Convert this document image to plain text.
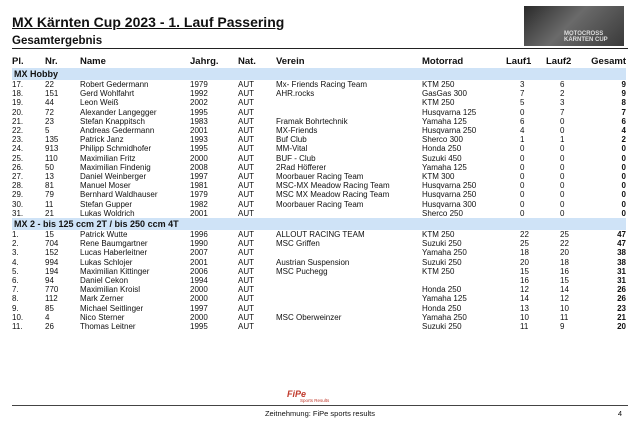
MX Kärnten Cup 2023 - 1. Lauf Passering
Gesamtergebnis
MOTOCROSS KÄRNTEN CUP
Pl.	Nr.	Name	Jahrg.	Nat.	Verein	Motorrad	Lauf1	Lauf2	Gesamt
MX Hobby									
17.	22	Robert Gedermann	1979	AUT	Mx- Friends Racing Team	KTM 250	3	6	9
18.	151	Gerd Wohlfahrt	1992	AUT	AHR.rocks	GasGas 300	7	2	9
19.	44	Leon Weiß	2002	AUT		KTM 250	5	3	8
20.	72	Alexander Langegger	1995	AUT		Husqvarna 125	0	7	7
21.	23	Stefan Knappitsch	1983	AUT	Framak Bohrtechnik	Yamaha 125	6	0	6
22.	5	Andreas Gedermann	2001	AUT	MX-Friends	Husqvarna 250	4	0	4
23.	135	Patrick Janz	1993	AUT	Buf Club	Sherco 300	1	1	2
24.	913	Philipp Schmidhofer	1995	AUT	MM-Vital	Honda 250	0	0	0
25.	110	Maximilian Fritz	2000	AUT	BUF - Club	Suzuki 450	0	0	0
26.	50	Maximilian Findenig	2008	AUT	2Rad Höfferer	Yamaha 125	0	0	0
27.	13	Daniel Weinberger	1997	AUT	Moorbauer Racing Team	KTM 300	0	0	0
28.	81	Manuel Moser	1981	AUT	MSC-MX Meadow Racing Team	Husqvarna 250	0	0	0
29.	79	Bernhard Waldhauser	1979	AUT	MSC MX Meadow Racing Team	Husqvarna 250	0	0	0
30.	11	Stefan Gupper	1982	AUT	Moorbauer Racing Team	Husqvarna 300	0	0	0
31.	21	Lukas Woldrich	2001	AUT		Sherco 250	0	0	0
MX 2 - bis 125 ccm 2T / bis 250 ccm 4T									
1.	15	Patrick Wutte	1996	AUT	ALLOUT RACING TEAM	KTM 250	22	25	47
2.	704	Rene Baumgartner	1990	AUT	MSC Griffen	Suzuki 250	25	22	47
3.	152	Lucas Haberleitner	2007	AUT		Yamaha 250	18	20	38
4.	994	Lukas Schlojer	2001	AUT	Austrian Suspension	Suzuki 250	20	18	38
5.	194	Maximilian Kittinger	2006	AUT	MSC Puchegg	KTM 250	15	16	31
6.	94	Daniel Cekon	1994	AUT			16	15	31
7.	770	Maximilian Kroisl	2000	AUT		Honda 250	12	14	26
8.	112	Mark Zerner	2000	AUT		Yamaha 125	14	12	26
9.	85	Michael Seitlinger	1997	AUT		Honda 250	13	10	23
10.	4	Nico Sterner	2000	AUT	MSC Oberweinzer	Yamaha 250	10	11	21
11.	26	Thomas Leitner	1995	AUT		Suzuki 250	11	9	20
FiPe
Sports Results
Zeitnehmung: FiPe sports results	4
